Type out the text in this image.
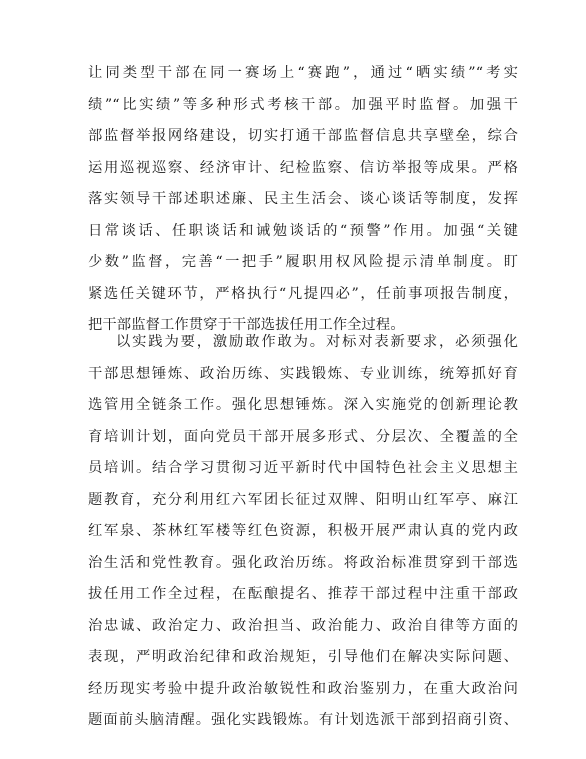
让同类型干部在同一赛场上“赛跑”，通过“晒实绩”“考实
绩”“比实绩”等多种形式考核干部。加强平时监督。加强干
部监督举报网络建设，切实打通干部监督信息共享壁垒，综合
运用巡视巡察、经济审计、纪检监察、信访举报等成果。严格
落实领导干部述职述廉、民主生活会、谈心谈话等制度，发挥
日常谈话、任职谈话和诫勉谈话的“预警”作用。加强“关键
少数”监督，完善“一把手”履职用权风险提示清单制度。盯
紧选任关键环节，严格执行“凡提四必”，任前事项报告制度，
把干部监督工作贯穿于干部选拔任用工作全过程。
以实践为要，激励敢作敢为。对标对表新要求，必须强化
干部思想锤炼、政治历练、实践锻炼、专业训练，统筹抓好育
选管用全链条工作。强化思想锤炼。深入实施党的创新理论教
育培训计划，面向党员干部开展多形式、分层次、全覆盖的全
员培训。结合学习贯彻习近平新时代中国特色社会主义思想主
题教育，充分利用红六军团长征过双牌、阳明山红军亭、麻江
红军泉、茶林红军楼等红色资源，积极开展严肃认真的党内政
治生活和党性教育。强化政治历练。将政治标准贯穿到干部选
拔任用工作全过程，在酝酿提名、推荐干部过程中注重干部政
治忠诚、政治定力、政治担当、政治能力、政治自律等方面的
表现，严明政治纪律和政治规矩，引导他们在解决实际问题、
经历现实考验中提升政治敏锐性和政治鉴别力，在重大政治问
题面前头脑清醒。强化实践锻炼。有计划选派干部到招商引资、
